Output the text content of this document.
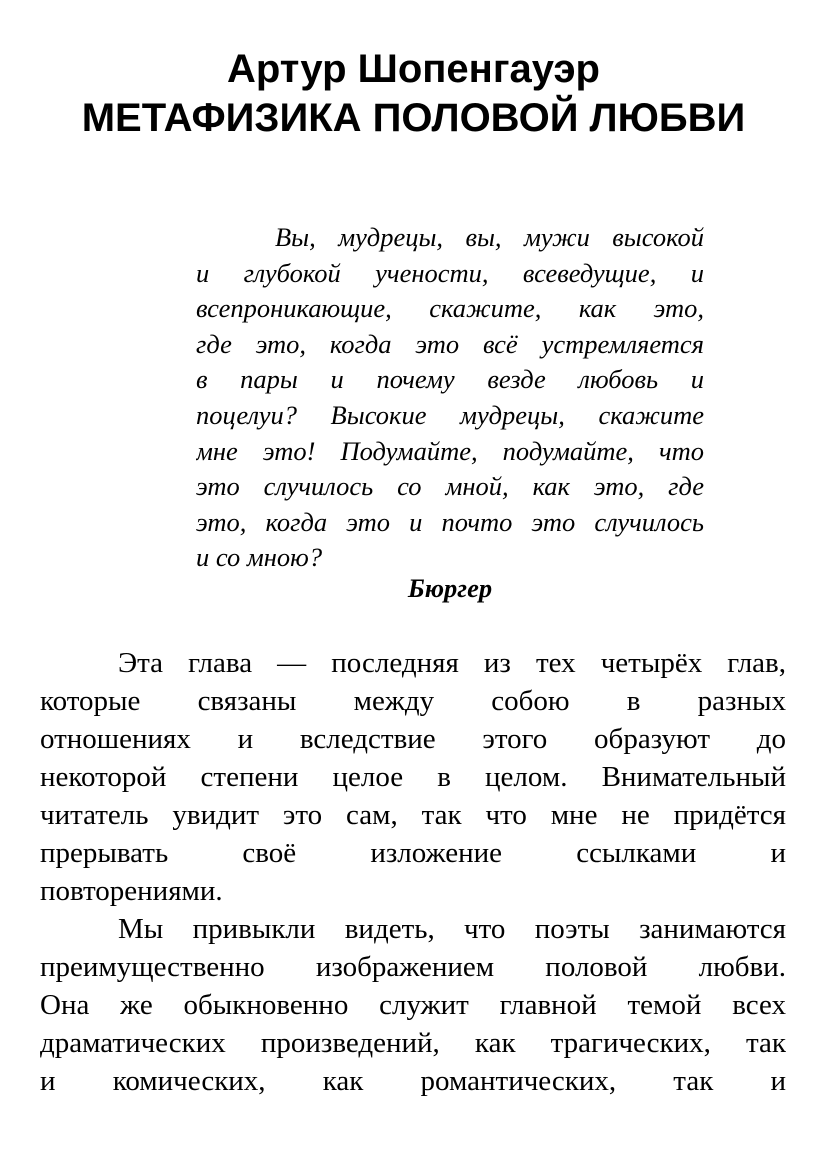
Артур Шопенгауэр
МЕТАФИЗИКА ПОЛОВОЙ ЛЮБВИ
Вы, мудрецы, вы, мужи высокой
и глубокой учености, всеведущие, и
всепроникающие, скажите, как это,
где это, когда это всё устремляется
в пары и почему везде любовь и
поцелуи? Высокие мудрецы, скажите
мне это! Подумайте, подумайте, что
это случилось со мной, как это, где
это, когда это и почто это случилось
и со мною?
Бюргер
Эта глава — последняя из тех четырёх глав,
которые связаны между собою в разных
отношениях и вследствие этого образуют до
некоторой степени целое в целом. Внимательный
читатель увидит это сам, так что мне не придётся
прерывать своё изложение ссылками и
повторениями.
Мы привыкли видеть, что поэты занимаются
преимущественно изображением половой любви.
Она же обыкновенно служит главной темой всех
драматических произведений, как трагических, так
и комических, как романтических, так и
